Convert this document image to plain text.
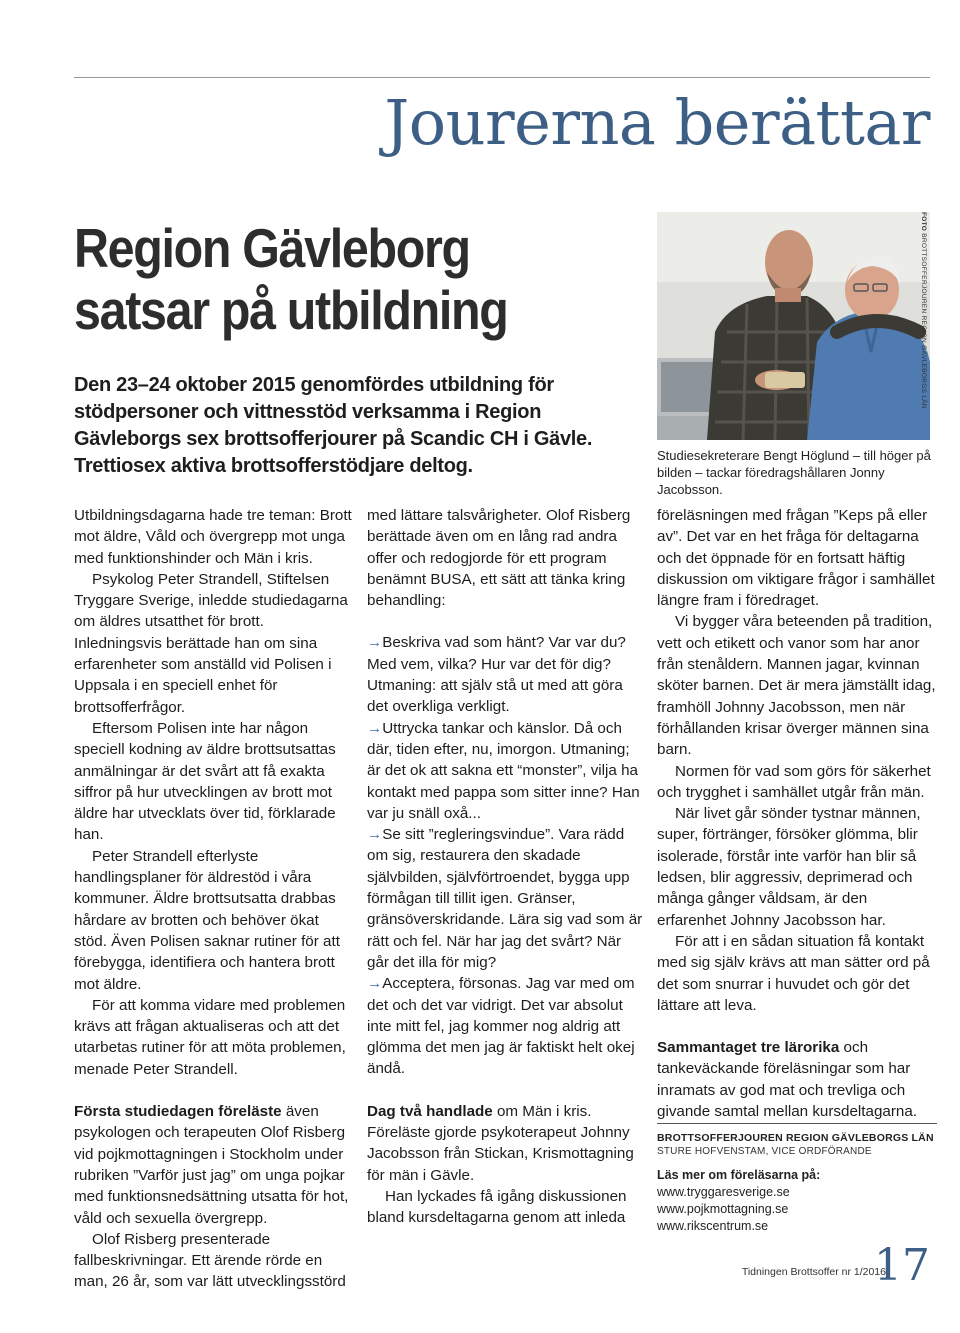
Jourerna berättar
Region Gävleborg
satsar på utbildning

Den 23–24 oktober 2015 genomfördes utbildning för stödpersoner och vittnesstöd verksamma i Region Gävleborgs sex brottsofferjourer på Scandic CH i Gävle. Trettiosex aktiva brottsofferstödjare deltog.

FOTO BROTTSOFFERJOUREN REGION GÄVLEBORGS LÄN

Studiesekreterare Bengt Höglund – till höger på bilden – tackar föredragshållaren Jonny Jacobsson.

Utbildningsdagarna hade tre teman: Brott mot äldre, Våld och övergrepp mot unga med funktionshinder och Män i kris.

Psykolog Peter Strandell, Stiftelsen Tryggare Sverige, inledde studiedagarna om äldres utsatthet för brott. Inledningsvis berättade han om sina erfarenheter som anställd vid Polisen i Uppsala i en speciell enhet för brottsofferfrågor.

Eftersom Polisen inte har någon speciell kodning av äldre brottsutsattas anmälningar är det svårt att få exakta siffror på hur utvecklingen av brott mot äldre har utvecklats över tid, förklarade han.

Peter Strandell efterlyste handlingsplaner för äldrestöd i våra kommuner. Äldre brottsutsatta drabbas hårdare av brotten och behöver ökat stöd. Även Polisen saknar rutiner för att förebygga, identifiera och hantera brott mot äldre.

För att komma vidare med problemen krävs att frågan aktualiseras och att det utarbetas rutiner för att möta problemen, menade Peter Strandell.

Första studiedagen föreläste även psykologen och terapeuten Olof Risberg vid pojkmottagningen i Stockholm under rubriken ”Varför just jag” om unga pojkar med funktionsnedsättning utsatta för hot, våld och sexuella övergrepp.

Olof Risberg presenterade fallbeskrivningar. Ett ärende rörde en man, 26 år, som var lätt utvecklingsstörd

med lättare talsvårigheter. Olof Risberg berättade även om en lång rad andra offer och redogjorde för ett program benämnt BUSA, ett sätt att tänka kring behandling:

→Beskriva vad som hänt? Var var du? Med vem, vilka? Hur var det för dig? Utmaning: att själv stå ut med att göra det overkliga verkligt.

→Uttrycka tankar och känslor. Då och där, tiden efter, nu, imorgon. Utmaning; är det ok att sakna ett “monster”, vilja ha kontakt med pappa som sitter inne? Han var ju snäll oxå...

→Se sitt ”regleringsvindue”. Vara rädd om sig, restaurera den skadade självbilden, självförtroendet, bygga upp förmågan till tillit igen. Gränser, gränsöverskridande. Lära sig vad som är rätt och fel. När har jag det svårt? När går det illa för mig?

→Acceptera, försonas. Jag var med om det och det var vidrigt. Det var absolut inte mitt fel, jag kommer nog aldrig att glömma det men jag är faktiskt helt okej ändå.

Dag två handlade om Män i kris. Föreläste gjorde psykoterapeut Johnny Jacobsson från Stickan, Krismottagning för män i Gävle.

Han lyckades få igång diskussionen bland kursdeltagarna genom att inleda

föreläsningen med frågan ”Keps på eller av”. Det var en het fråga för deltagarna och det öppnade för en fortsatt häftig diskussion om viktigare frågor i samhället längre fram i föredraget.

Vi bygger våra beteenden på tradition, vett och etikett och vanor som har anor från stenåldern. Mannen jagar, kvinnan sköter barnen. Det är mera jämställt idag, framhöll Johnny Jacobsson, men när förhållanden krisar överger männen sina barn.

Normen för vad som görs för säkerhet och trygghet i samhället utgår från män.

När livet går sönder tystnar männen, super, förtränger, försöker glömma, blir isolerade, förstår inte varför han blir så ledsen, blir aggressiv, deprimerad och många gånger våldsam, är den erfarenhet Johnny Jacobsson har.

För att i en sådan situation få kontakt med sig själv krävs att man sätter ord på det som snurrar i huvudet och gör det lättare att leva.

Sammantaget tre lärorika och tankeväckande föreläsningar som har inramats av god mat och trevliga och givande samtal mellan kursdeltagarna.

BROTTSOFFERJOUREN REGION GÄVLEBORGS LÄN
STURE HOFVENSTAM, VICE ORDFÖRANDE
Läs mer om föreläsarna på:
www.tryggaresverige.se
www.pojkmottagning.se
www.rikscentrum.se
Tidningen Brottsoffer nr 1/2016
17
